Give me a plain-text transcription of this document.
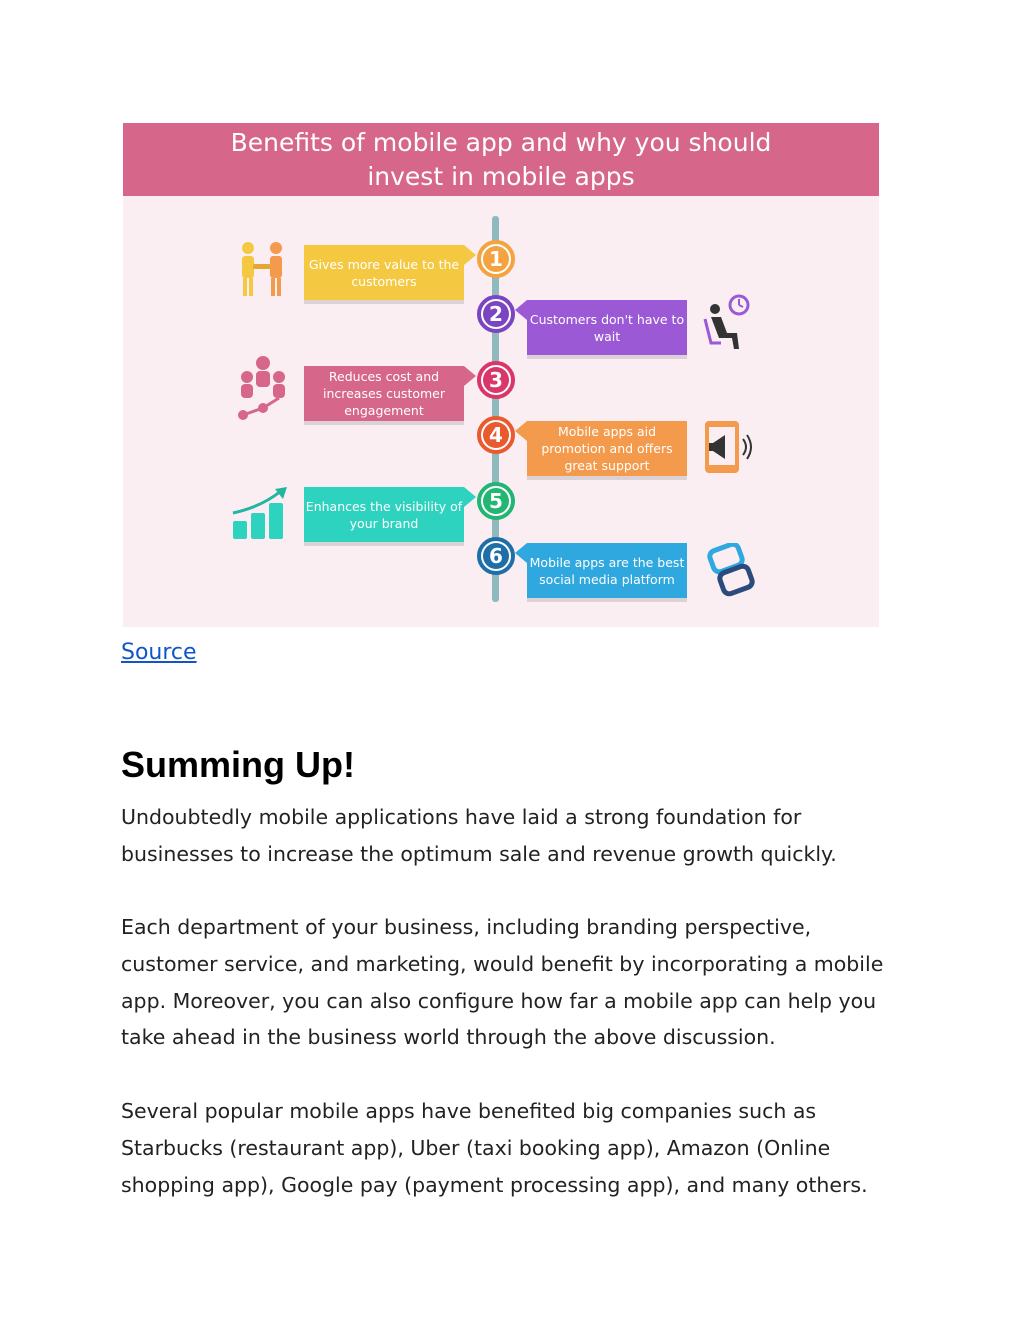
Benefits of mobile app and why you should
invest in mobile apps
Gives more value to the customers
1
Customers don't have to wait
2
Reduces cost and increases customer engagement
3
Mobile apps aid promotion and offers great support
4
Enhances the visibility of your brand
5
Mobile apps are the best social media platform
6
Source
Summing Up!

Undoubtedly mobile applications have laid a strong foundation for
businesses to increase the optimum sale and revenue growth quickly.

Each department of your business, including branding perspective,
customer service, and marketing, would benefit by incorporating a mobile
app. Moreover, you can also configure how far a mobile app can help you
take ahead in the business world through the above discussion.

Several popular mobile apps have benefited big companies such as
Starbucks (restaurant app), Uber (taxi booking app), Amazon (Online
shopping app), Google pay (payment processing app), and many others.
